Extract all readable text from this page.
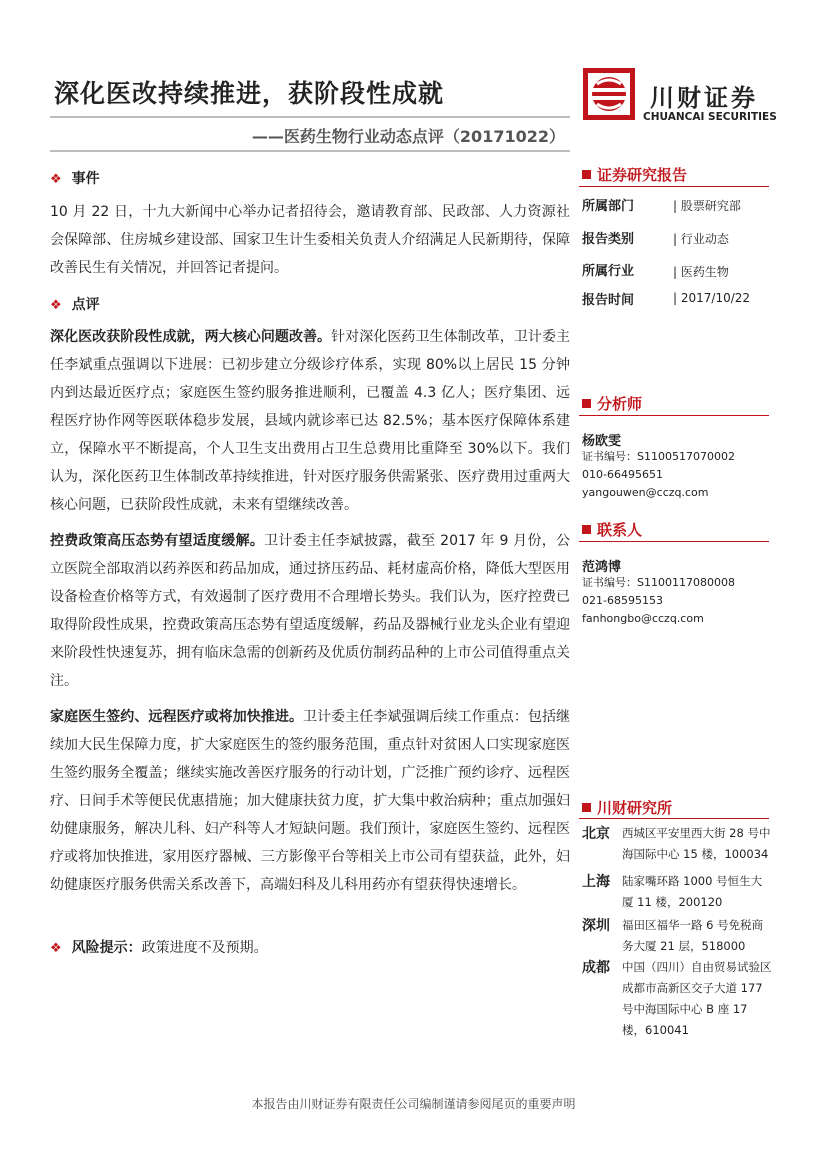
深化医改持续推进，获阶段性成就
——医药生物行业动态点评（20171022）
川财证券
CHUANCAI SECURITIES
❖ 事件
10 月 22 日，十九大新闻中心举办记者招待会，邀请教育部、民政部、人力资源社会保障部、住房城乡建设部、国家卫生计生委相关负责人介绍满足人民新期待，保障改善民生有关情况，并回答记者提问。
❖ 点评
深化医改获阶段性成就，两大核心问题改善。针对深化医药卫生体制改革，卫计委主任李斌重点强调以下进展：已初步建立分级诊疗体系，实现 80%以上居民 15 分钟内到达最近医疗点；家庭医生签约服务推进顺利，已覆盖 4.3 亿人；医疗集团、远程医疗协作网等医联体稳步发展，县域内就诊率已达 82.5%；基本医疗保障体系建立，保障水平不断提高，个人卫生支出费用占卫生总费用比重降至 30%以下。我们认为，深化医药卫生体制改革持续推进，针对医疗服务供需紧张、医疗费用过重两大核心问题，已获阶段性成就，未来有望继续改善。
控费政策高压态势有望适度缓解。卫计委主任李斌披露，截至 2017 年 9 月份，公立医院全部取消以药养医和药品加成，通过挤压药品、耗材虚高价格，降低大型医用设备检查价格等方式，有效遏制了医疗费用不合理增长势头。我们认为，医疗控费已取得阶段性成果，控费政策高压态势有望适度缓解，药品及器械行业龙头企业有望迎来阶段性快速复苏，拥有临床急需的创新药及优质仿制药品种的上市公司值得重点关注。
家庭医生签约、远程医疗或将加快推进。卫计委主任李斌强调后续工作重点：包括继续加大民生保障力度，扩大家庭医生的签约服务范围，重点针对贫困人口实现家庭医生签约服务全覆盖；继续实施改善医疗服务的行动计划，广泛推广预约诊疗、远程医疗、日间手术等便民优惠措施；加大健康扶贫力度，扩大集中救治病种；重点加强妇幼健康服务，解决儿科、妇产科等人才短缺问题。我们预计，家庭医生签约、远程医疗或将加快推进，家用医疗器械、三方影像平台等相关上市公司有望获益，此外，妇幼健康医疗服务供需关系改善下，高端妇科及儿科用药亦有望获得快速增长。
❖ 风险提示：政策进度不及预期。
证券研究报告
所属部门	| 股票研究部
报告类别	| 行业动态
所属行业	| 医药生物
报告时间	| 2017/10/22
分析师
杨欧雯
证书编号：S1100517070002
010-66495651
yangouwen@cczq.com
联系人
范鸿博
证书编号：S1100117080008
021-68595153
fanhongbo@cczq.com
川财研究所
北京 西城区平安里西大街 28 号中海国际中心 15 楼，100034
上海 陆家嘴环路 1000 号恒生大厦 11 楼，200120
深圳 福田区福华一路 6 号免税商务大厦 21 层，518000
成都 中国（四川）自由贸易试验区成都市高新区交子大道 177 号中海国际中心 B 座 17 楼，610041
本报告由川财证券有限责任公司编制谨请参阅尾页的重要声明
